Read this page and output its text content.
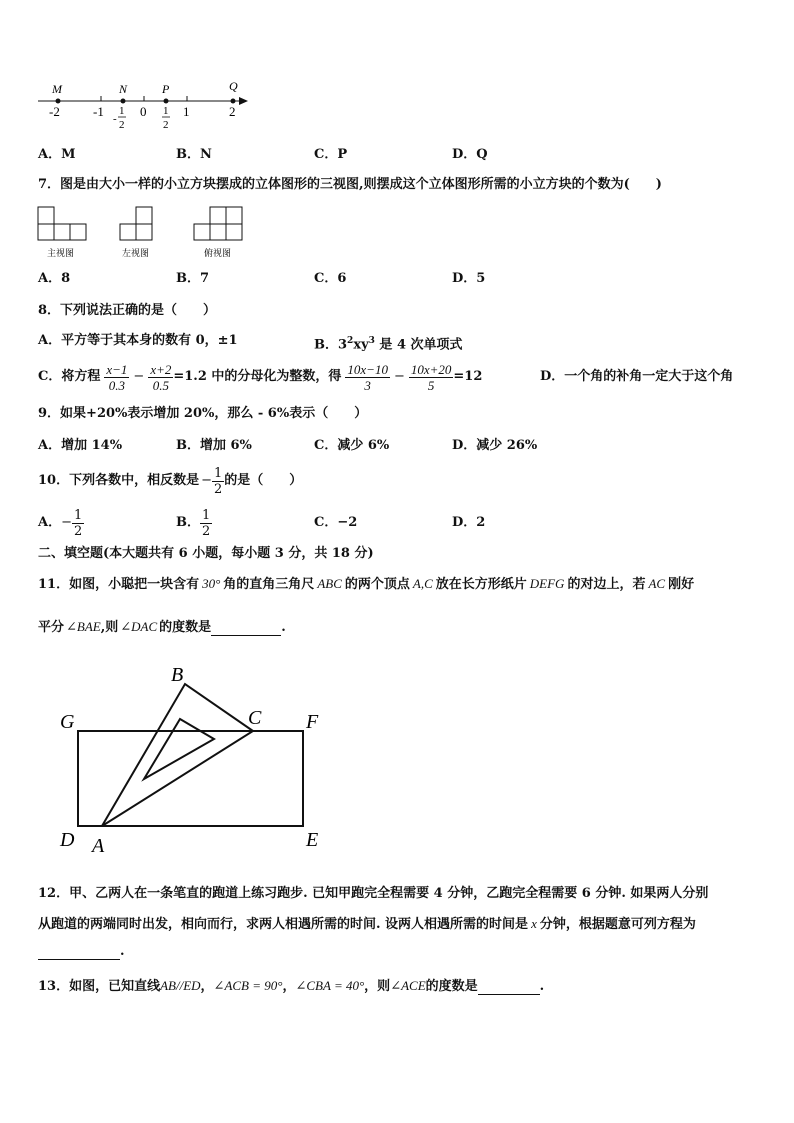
M	N	P	Q
-2	-1	0	1	2
-
1
2
1
2
A．M	B．N	C．P	D．Q
7．图是由大小一样的小立方块摆成的立体图形的三视图,则摆成这个立体图形所需的小立方块的个数为(　　)
主视图	左视图	俯视图
A．8	B．7	C．6	D．5
8．下列说法正确的是（　　）
A．平方等于其本身的数有 0，±1	B．$3^2xy^3$ 是 4 次单项式
C．将方程 $\frac{x-1}{0.3} - \frac{x+2}{0.5} =1.2$ 中的分母化为整数，得 $\frac{10x-10}{3} - \frac{10x+20}{5} =12$	D．一个角的补角一定大于这个角
9．如果+20%表示增加 20%，那么 - 6%表示（　　）
A．增加 14%	B．增加 6%	C．减少 6%	D．减少 26%
10．下列各数中，相反数是 − $\frac{1}{2}$ 的是（　　）
A． − $\frac{1}{2}$	B． $\frac{1}{2}$	C．−2	D．2
二、填空题(本大题共有 6 小题，每小题 3 分，共 18 分)
11．如图，小聪把一块含有 30° 角的直角三角尺 ABC 的两个顶点 A,C 放在长方形纸片 DEFG 的对边上，若 AC 刚好
平分 ∠BAE,则 ∠DAC 的度数是	.
B
C
G	F
D A	E
12．甲、乙两人在一条笔直的跑道上练习跑步. 已知甲跑完全程需要 4 分钟，乙跑完全程需要 6 分钟. 如果两人分别
从跑道的两端同时出发，相向而行，求两人相遇所需的时间. 设两人相遇所需的时间是 x 分钟，根据题意可列方程为
.
13．如图，已知直线AB//ED，∠ACB = 90°，∠CBA = 40°，则∠ACE的度数是	.
